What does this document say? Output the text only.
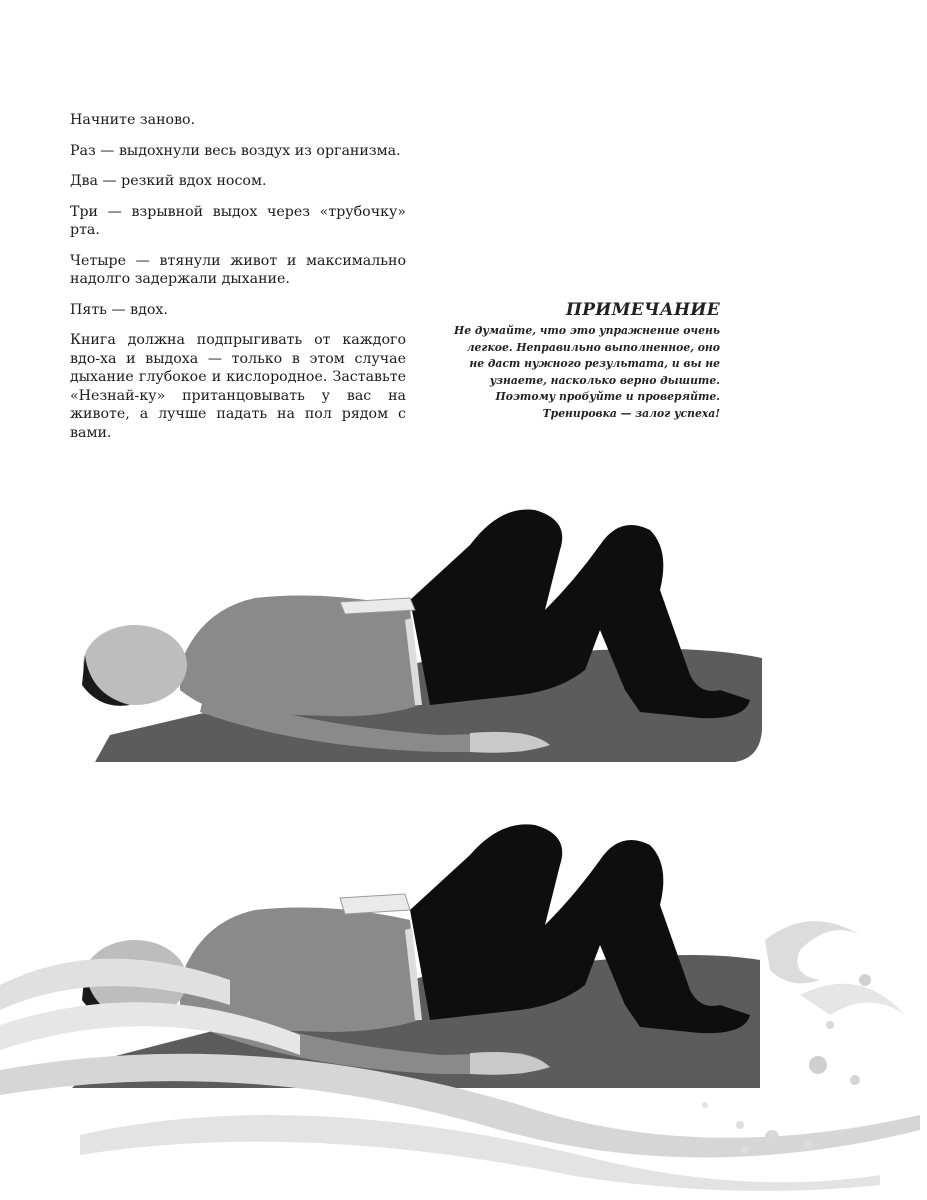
Начните заново.

Раз — выдохнули весь воздух из организма.

Два — резкий вдох носом.

Три — взрывной выдох через «трубочку» рта.

Четыре — втянули живот и максимально надолго задержали дыхание.

Пять — вдох.

Книга должна подпрыгивать от каждого вдо-ха и выдоха — только в этом случае дыхание глубокое и кислородное. Заставьте «Незнай-ку» пританцовывать у вас на животе, а лучше падать на пол рядом с вами.

ПРИМЕЧАНИЕ

Не думайте, что это упражнение очень
легкое. Неправильно выполненное, оно
не даст нужного результата, и вы не
узнаете, насколько верно дышите.
Поэтому пробуйте и проверяйте.
Тренировка — залог успеха!
